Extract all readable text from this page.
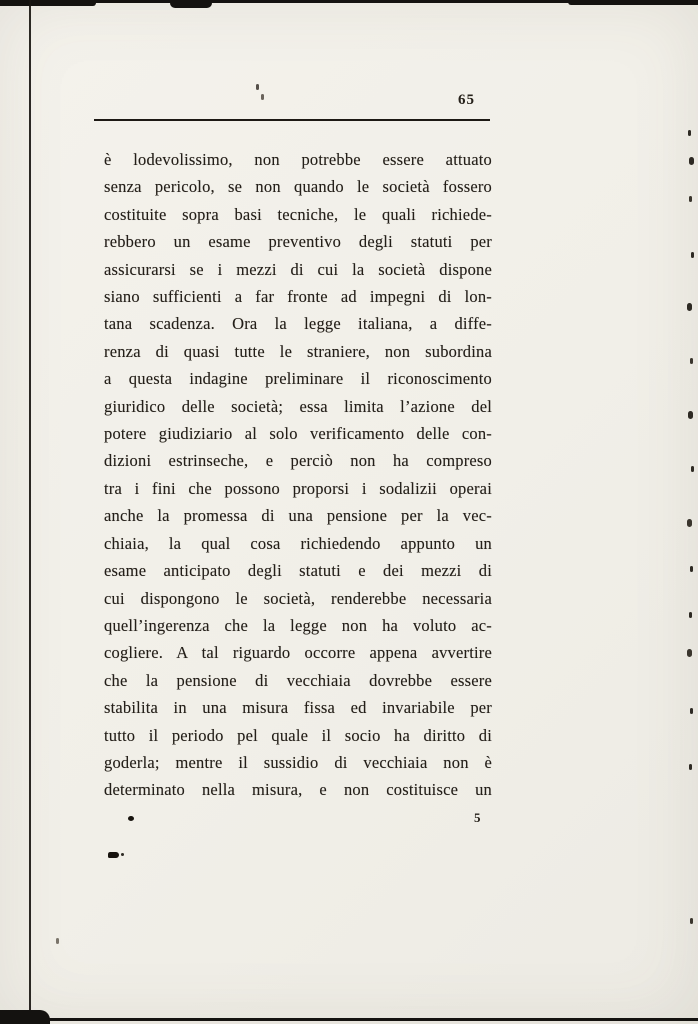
65
è lodevolissimo, non potrebbe essere attuato
senza pericolo, se non quando le società fossero
costituite sopra basi tecniche, le quali richiede-
rebbero un esame preventivo degli statuti per
assicurarsi se i mezzi di cui la società dispone
siano sufficienti a far fronte ad impegni di lon-
tana scadenza. Ora la legge italiana, a diffe-
renza di quasi tutte le straniere, non subordina
a questa indagine preliminare il riconoscimento
giuridico delle società; essa limita l’azione del
potere giudiziario al solo verificamento delle con-
dizioni estrinseche, e perciò non ha compreso
tra i fini che possono proporsi i sodalizii operai
anche la promessa di una pensione per la vec-
chiaia, la qual cosa richiedendo appunto un
esame anticipato degli statuti e dei mezzi di
cui dispongono le società, renderebbe necessaria
quell’ingerenza che la legge non ha voluto ac-
cogliere. A tal riguardo occorre appena avvertire
che la pensione di vecchiaia dovrebbe essere
stabilita in una misura fissa ed invariabile per
tutto il periodo pel quale il socio ha diritto di
goderla; mentre il sussidio di vecchiaia non è
determinato nella misura, e non costituisce un
5
